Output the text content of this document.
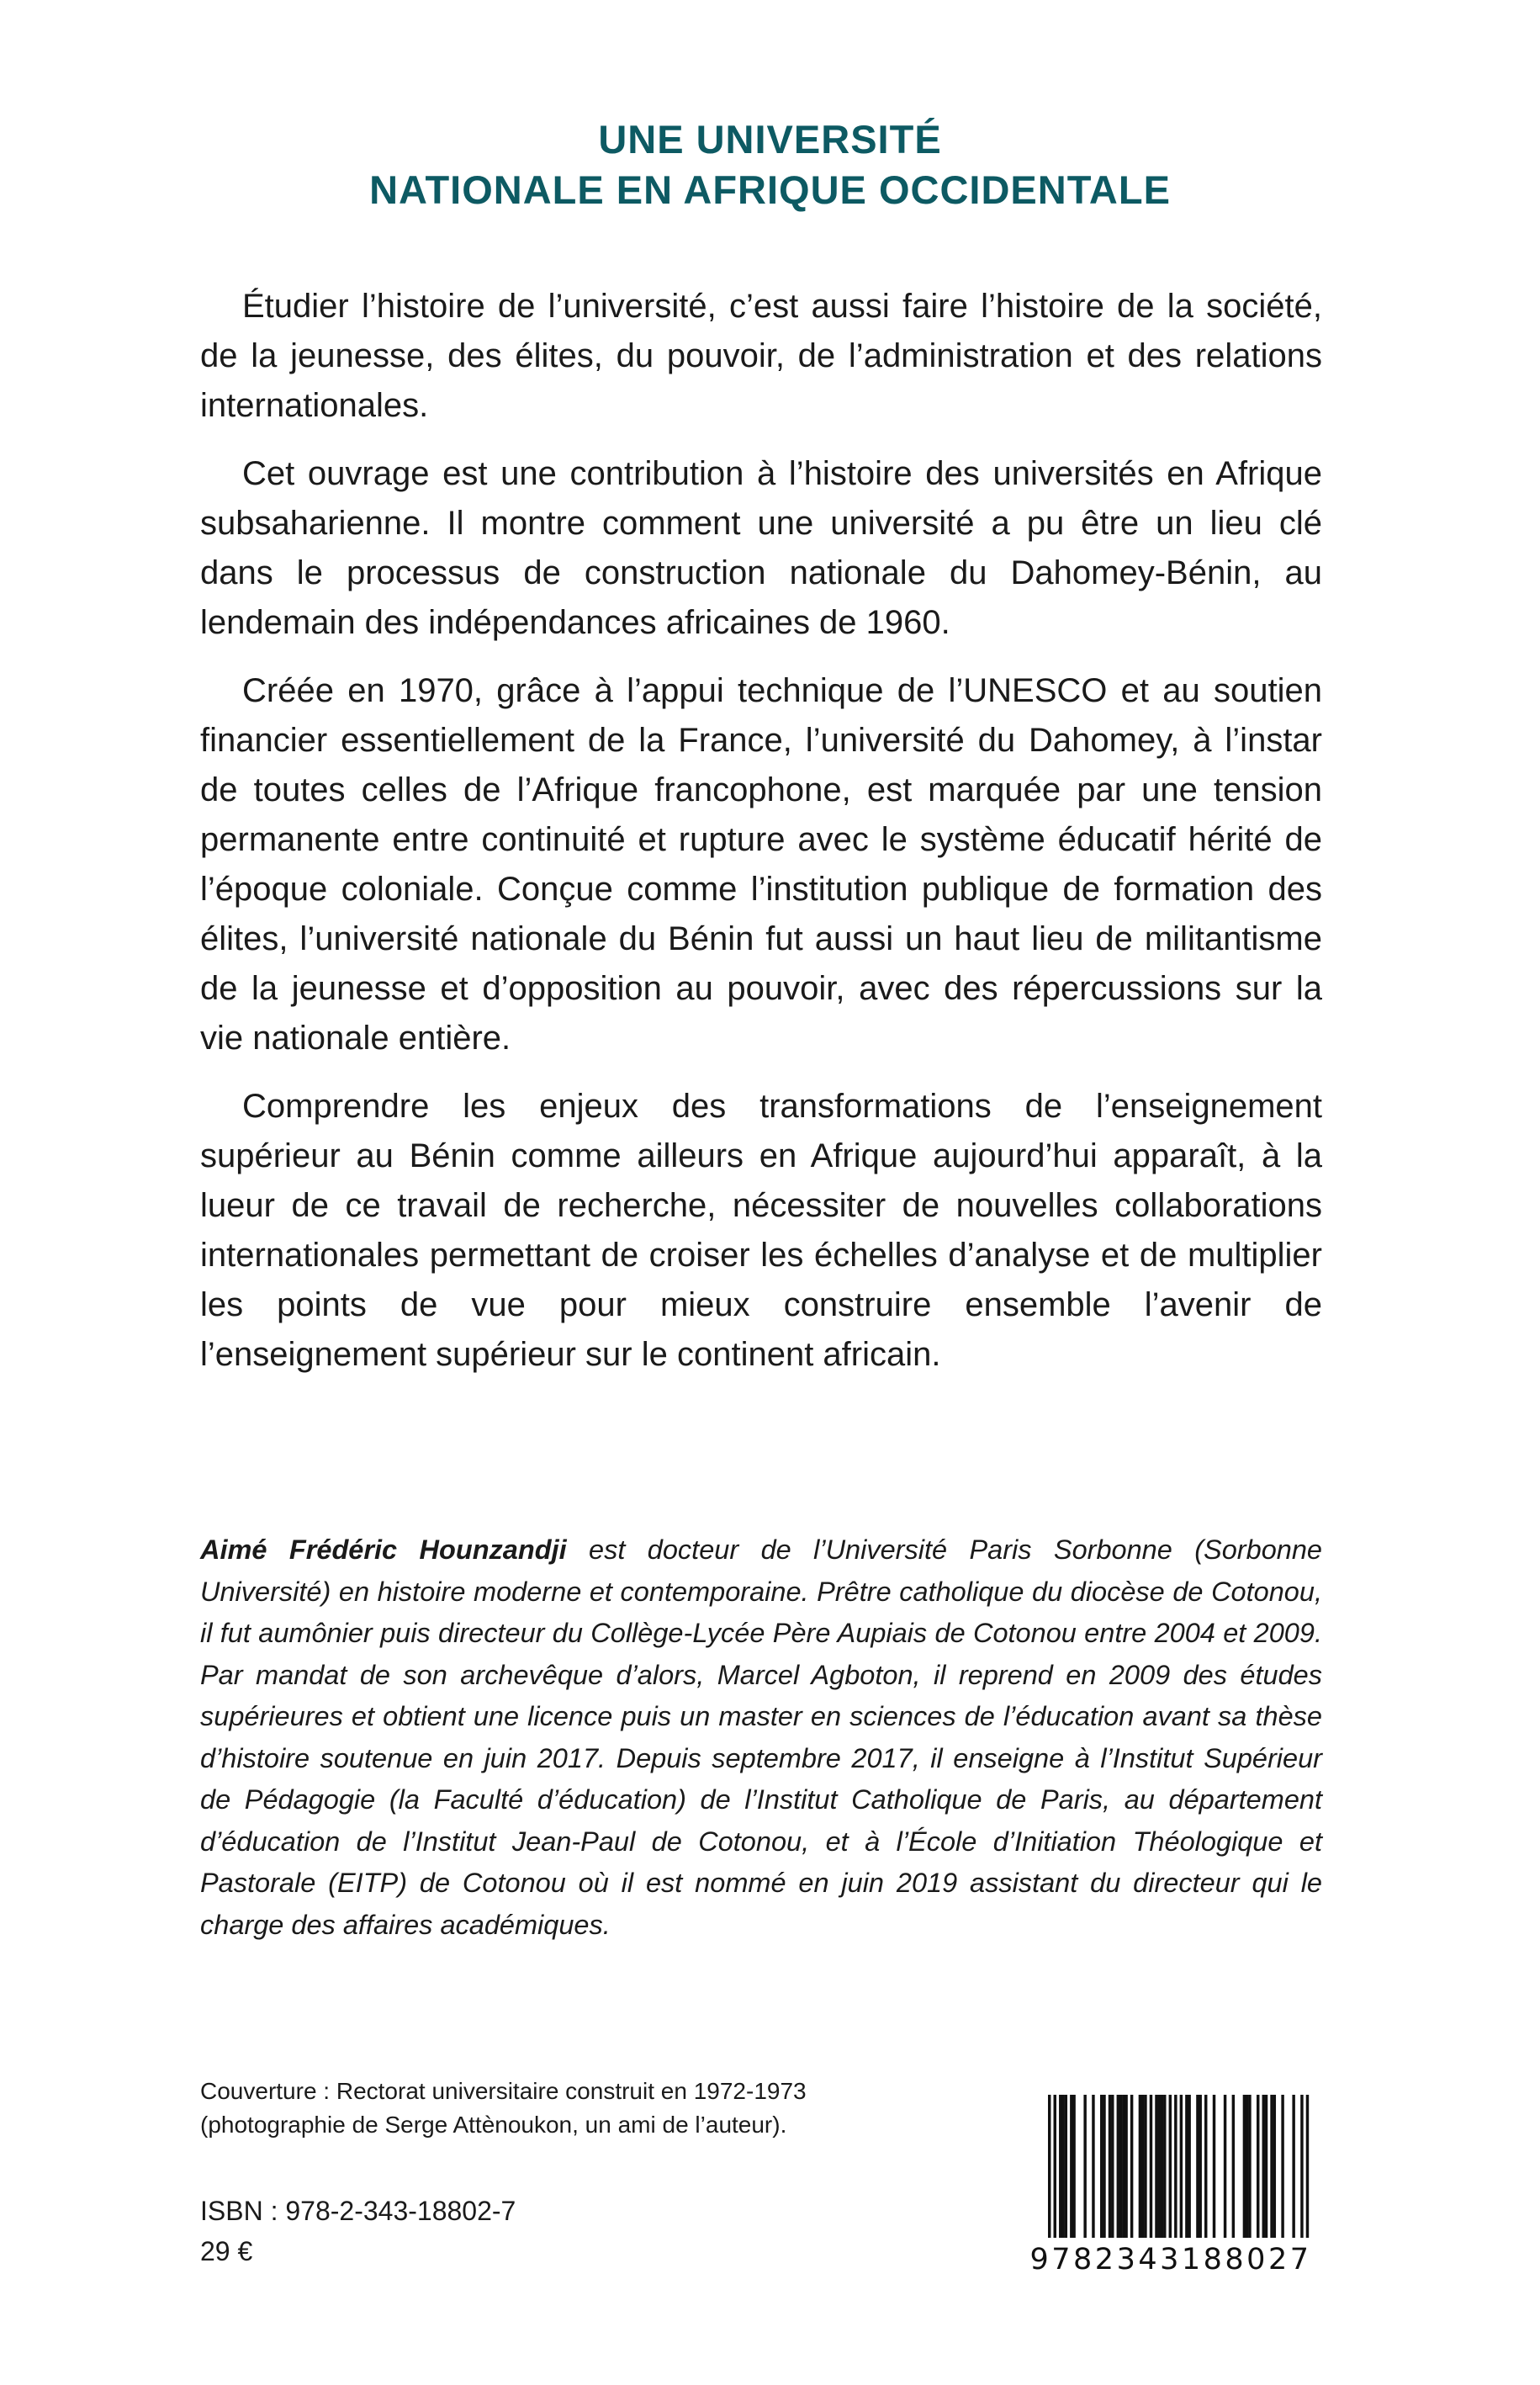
UNE UNIVERSITÉ
NATIONALE EN AFRIQUE OCCIDENTALE

Étudier l’histoire de l’université, c’est aussi faire l’histoire de la société, de la jeunesse, des élites, du pouvoir, de l’administration et des relations internationales.

Cet ouvrage est une contribution à l’histoire des universités en Afrique subsaharienne. Il montre comment une université a pu être un lieu clé dans le processus de construction nationale du Dahomey-Bénin, au lendemain des indépendances africaines de 1960.

Créée en 1970, grâce à l’appui technique de l’UNESCO et au soutien financier essentiellement de la France, l’université du Dahomey, à l’instar de toutes celles de l’Afrique francophone, est marquée par une tension permanente entre continuité et rupture avec le système éducatif hérité de l’époque coloniale. Conçue comme l’institution publique de formation des élites, l’université nationale du Bénin fut aussi un haut lieu de militantisme de la jeunesse et d’opposition au pouvoir, avec des répercussions sur la vie nationale entière.

Comprendre les enjeux des transformations de l’enseignement supérieur au Bénin comme ailleurs en Afrique aujourd’hui apparaît, à la lueur de ce travail de recherche, nécessiter de nouvelles collaborations internationales permettant de croiser les échelles d’analyse et de multiplier les points de vue pour mieux construire ensemble l’avenir de l’enseignement supérieur sur le continent africain.

Aimé Frédéric Hounzandji est docteur de l’Université Paris Sorbonne (Sorbonne Université) en histoire moderne et contemporaine. Prêtre catholique du diocèse de Cotonou, il fut aumônier puis directeur du Collège-Lycée Père Aupiais de Cotonou entre 2004 et 2009. Par mandat de son archevêque d’alors, Marcel Agboton, il reprend en 2009 des études supérieures et obtient une licence puis un master en sciences de l’éducation avant sa thèse d’histoire soutenue en juin 2017. Depuis septembre 2017, il enseigne à l’Institut Supérieur de Pédagogie (la Faculté d’éducation) de l’Institut Catholique de Paris, au département d’éducation de l’Institut Jean-Paul de Cotonou, et à l’École d’Initiation Théologique et Pastorale (EITP) de Cotonou où il est nommé en juin 2019 assistant du directeur qui le charge des affaires académiques.
Couverture : Rectorat universitaire construit en 1972-1973
(photographie de Serge Attènoukon, un ami de l’auteur).
ISBN : 978-2-343-18802-7
29 €	9782343188027
